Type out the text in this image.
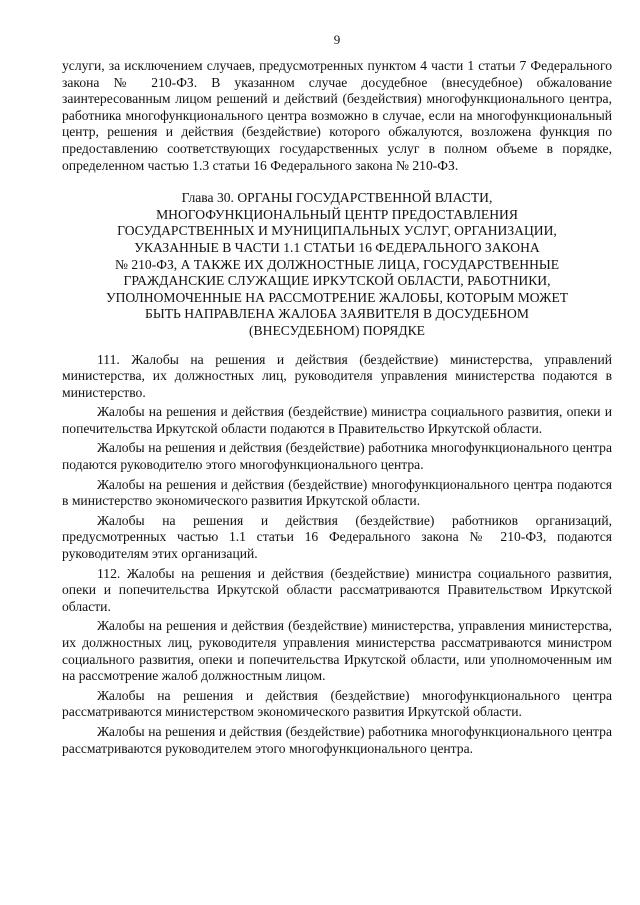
9

услуги, за исключением случаев, предусмотренных пунктом 4 части 1 статьи 7 Федерального закона № 210-ФЗ. В указанном случае досудебное (внесудебное) обжалование заинтересованным лицом решений и действий (бездействия) многофункционального центра, работника многофункционального центра возможно в случае, если на многофункциональный центр, решения и действия (бездействие) которого обжалуются, возложена функция по предоставлению соответствующих государственных услуг в полном объеме в порядке, определенном частью 1.3 статьи 16 Федерального закона № 210-ФЗ.

Глава 30. ОРГАНЫ ГОСУДАРСТВЕННОЙ ВЛАСТИ,
МНОГОФУНКЦИОНАЛЬНЫЙ ЦЕНТР ПРЕДОСТАВЛЕНИЯ
ГОСУДАРСТВЕННЫХ И МУНИЦИПАЛЬНЫХ УСЛУГ, ОРГАНИЗАЦИИ,
УКАЗАННЫЕ В ЧАСТИ 1.1 СТАТЬИ 16 ФЕДЕРАЛЬНОГО ЗАКОНА
№ 210-ФЗ, А ТАКЖЕ ИХ ДОЛЖНОСТНЫЕ ЛИЦА, ГОСУДАРСТВЕННЫЕ
ГРАЖДАНСКИЕ СЛУЖАЩИЕ ИРКУТСКОЙ ОБЛАСТИ, РАБОТНИКИ,
УПОЛНОМОЧЕННЫЕ НА РАССМОТРЕНИЕ ЖАЛОБЫ, КОТОРЫМ МОЖЕТ
БЫТЬ НАПРАВЛЕНА ЖАЛОБА ЗАЯВИТЕЛЯ В ДОСУДЕБНОМ
(ВНЕСУДЕБНОМ) ПОРЯДКЕ

111. Жалобы на решения и действия (бездействие) министерства, управлений министерства, их должностных лиц, руководителя управления министерства подаются в министерство.

Жалобы на решения и действия (бездействие) министра социального развития, опеки и попечительства Иркутской области подаются в Правительство Иркутской области.

Жалобы на решения и действия (бездействие) работника многофункционального центра подаются руководителю этого многофункционального центра.

Жалобы на решения и действия (бездействие) многофункционального центра подаются в министерство экономического развития Иркутской области.

Жалобы на решения и действия (бездействие) работников организаций, предусмотренных частью 1.1 статьи 16 Федерального закона № 210-ФЗ, подаются руководителям этих организаций.

112. Жалобы на решения и действия (бездействие) министра социального развития, опеки и попечительства Иркутской области рассматриваются Правительством Иркутской области.

Жалобы на решения и действия (бездействие) министерства, управления министерства, их должностных лиц, руководителя управления министерства рассматриваются министром социального развития, опеки и попечительства Иркутской области, или уполномоченным им на рассмотрение жалоб должностным лицом.

Жалобы на решения и действия (бездействие) многофункционального центра рассматриваются министерством экономического развития Иркутской области.

Жалобы на решения и действия (бездействие) работника многофункционального центра рассматриваются руководителем этого многофункционального центра.
